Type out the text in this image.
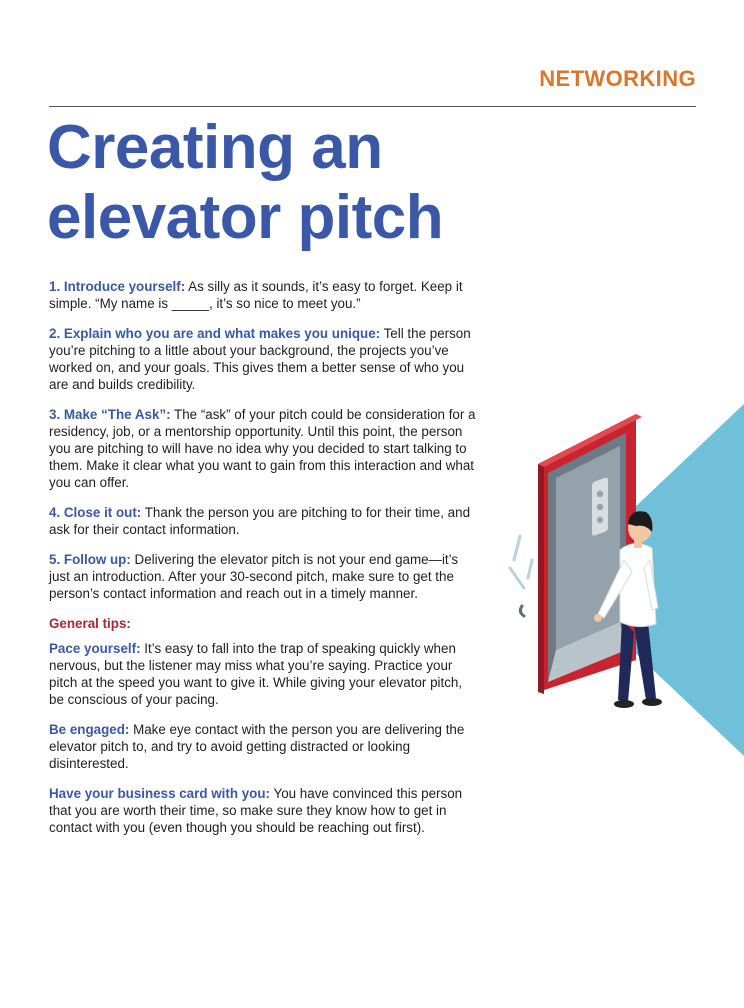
NETWORKING
Creating an
elevator pitch

1. Introduce yourself: As silly as it sounds, it’s easy to forget. Keep it simple. “My name is _____, it’s so nice to meet you.”

2. Explain who you are and what makes you unique: Tell the person you’re pitching to a little about your background, the projects you’ve worked on, and your goals. This gives them a better sense of who you are and builds credibility.

3. Make “The Ask”: The “ask” of your pitch could be consideration for a residency, job, or a mentorship opportunity. Until this point, the person you are pitching to will have no idea why you decided to start talking to them. Make it clear what you want to gain from this interaction and what you can offer.

4. Close it out: Thank the person you are pitching to for their time, and ask for their contact information.

5. Follow up: Delivering the elevator pitch is not your end game—it’s just an introduction. After your 30-second pitch, make sure to get the person’s contact information and reach out in a timely manner.

General tips:

Pace yourself: It’s easy to fall into the trap of speaking quickly when nervous, but the listener may miss what you’re saying. Practice your pitch at the speed you want to give it. While giving your elevator pitch, be conscious of your pacing.

Be engaged: Make eye contact with the person you are delivering the elevator pitch to, and try to avoid getting distracted or looking disinterested.

Have your business card with you: You have convinced this person that you are worth their time, so make sure they know how to get in contact with you (even though you should be reaching out first).
